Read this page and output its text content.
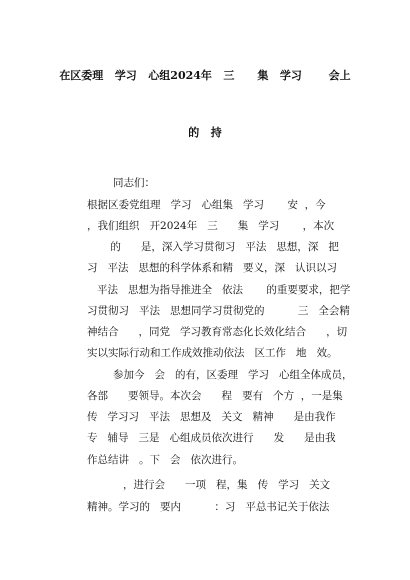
在区委理   学习   心组2024年   三      集   学习       会上
的   持
同志们：
根据区委党组理   学习   心组集   学习       安  ，今
，我们组织   开2024年   三      集   学习       ，本次
的      是，深入学习贯彻习   平法   思想，深   把
习   平法   思想的科学体系和精   要义，深   认识以习
平法   思想为指导推进全   依法       的重要要求，把学
习贯彻习   平法   思想同学习贯彻党的          三   全会精
神结合      ，同党   学习教育常态化长效化结合      ，切
实以实际行动和工作成效推动依法   区工作   地   效。
参加今   会   的有，区委理   学习   心组全体成员，
各部      要领导。本次会      程   要有   个方  ，一是集
传   学习习   平法   思想及   关文   精神      是由我作
专   辅导   三是   心组成员依次进行      发      是由我
作总结讲   。下   会   依次进行。
，进行会      一项   程，集   传   学习   关文
精神。学习的   要内          ：习   平总书记关于依法
